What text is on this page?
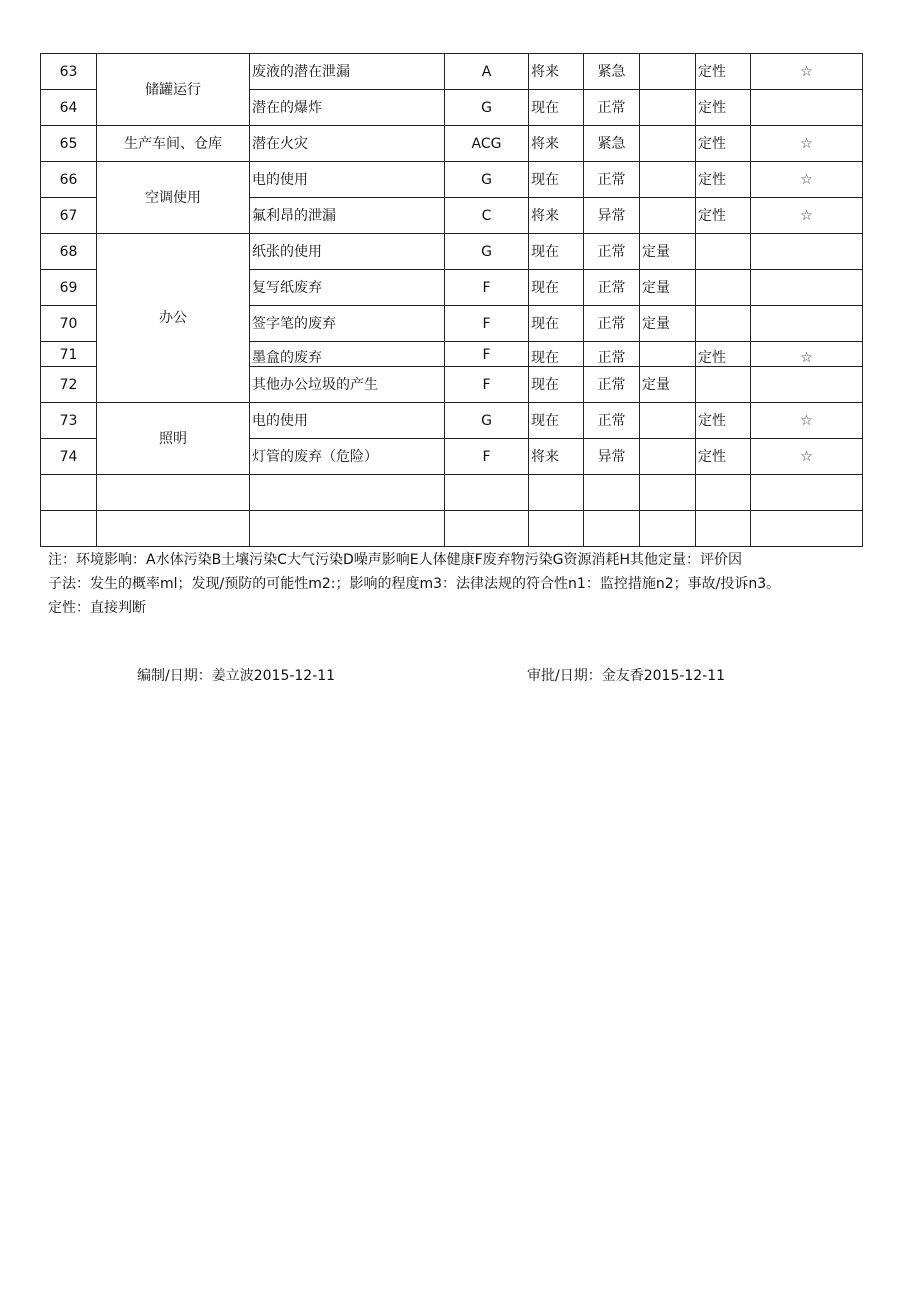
63	储罐运行	废液的潜在泄漏	A	将来	紧急		定性	☆
64		潜在的爆炸	G	现在	正常		定性	
65	生产车间、仓库	潜在火灾	ACG	将来	紧急		定性	☆
66	空调使用	电的使用	G	现在	正常		定性	☆
67		氟利昂的泄漏	C	将来	异常		定性	☆
68	办公	纸张的使用	G	现在	正常	定量		
69		复写纸废弃	F	现在	正常	定量		
70		签字笔的废弃	F	现在	正常	定量		
71		墨盒的废弃	F	现在	正常		定性	☆
72		其他办公垃圾的产生	F	现在	正常	定量		
73	照明	电的使用	G	现在	正常		定性	☆
74		灯管的废弃（危险）	F	将来	异常		定性	☆

注：环境影响：A水体污染B土壤污染C大气污染D噪声影响E人体健康F废弃物污染G资源消耗H其他定量：评价因
子法：发生的概率ml；发现/预防的可能性m2:；影响的程度m3：法律法规的符合性n1：监控措施n2；事故/投诉n3。
定性：直接判断
编制/日期：姜立波2015-12-11	审批/日期：金友香2015-12-11
